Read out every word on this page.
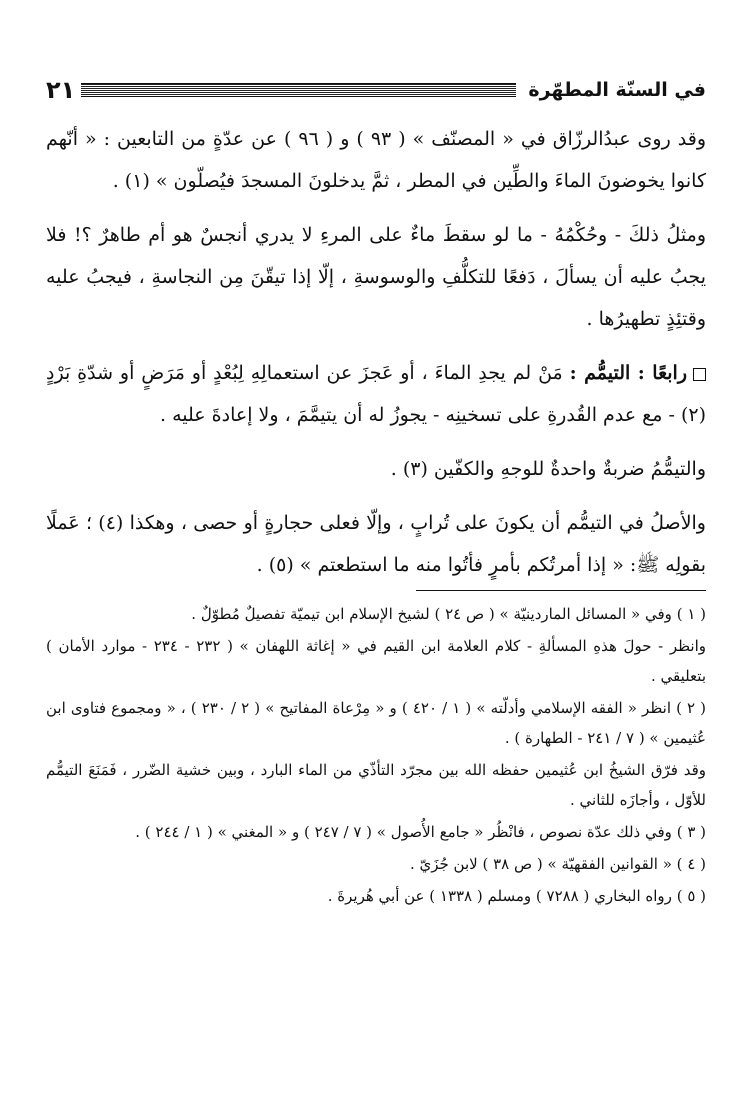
في السنّة المطهّرة
٢١

وقد روى عبدُالرزّاق في « المصنّف » ( ٩٣ ) و ( ٩٦ ) عن عدّةٍ من التابعين : « أنّهم كانوا يخوضونَ الماءَ والطِّين في المطر ، ثمَّ يدخلونَ المسجدَ فيُصلّون » (١) .

ومثلُ ذلكَ - وحُكْمُهُ - ما لو سقطَ ماءٌ على المرءِ لا يدري أنجسٌ هو أم طاهرٌ ؟! فلا يجبُ عليه أن يسألَ ، دَفعًا للتكلُّفِ والوسوسةِ ، إلّا إذا تيقّنَ مِن النجاسةِ ، فيجبُ عليه وقتئِذٍ تطهيرُها .

رابعًا : التيمُّم : مَنْ لم يجدِ الماءَ ، أو عَجزَ عن استعمالِهِ لِبُعْدٍ أو مَرَضٍ أو شدّةِ بَرْدٍ (٢) - مع عدم القُدرةِ على تسخينِه - يجوزُ له أن يتيمَّمَ ، ولا إعادةَ عليه .

والتيمُّمُ ضربةٌ واحدةٌ للوجهِ والكفّين (٣) .

والأصلُ في التيمُّم أن يكونَ على تُرابٍ ، وإلّا فعلى حجارةٍ أو حصى ، وهكذا (٤) ؛ عَملًا بقولِه ﷺ: « إذا أمرتُكم بأمرٍ فأتُوا منه ما استطعتم » (٥) .

( ١ ) وفي « المسائل الماردينيّة » ( ص ٢٤ ) لشيخ الإسلام ابن تيميّة تفصيلٌ مُطوّلٌ .

وانظر - حولَ هذهِ المسألةِ - كلام العلامة ابن القيم في « إغاثة اللهفان » ( ٢٣٢ - ٢٣٤ - موارد الأمان ) بتعليقي .

( ٢ ) انظر « الفقه الإسلامي وأدلّته » ( ١ / ٤٢٠ ) و « مِرْعاة المفاتيح » ( ٢ / ٢٣٠ ) ، « ومجموع فتاوى ابن عُثيمين » ( ٧ / ٢٤١ - الطهارة ) .

وقد فرّق الشيخُ ابن عُثيمين حفظه الله بين مجرّد التأذّي من الماء البارد ، وبين خشية الضّرر ، فَمَنَعَ التيمُّم للأوّل ، وأجازَه للثاني .

( ٣ ) وفي ذلك عدّة نصوص ، فانْظُر « جامع الأُصول » ( ٧ / ٢٤٧ ) و « المغني » ( ١ / ٢٤٤ ) .

( ٤ ) « القوانين الفقهيّة » ( ص ٣٨ ) لابن جُزَيّ .

( ٥ ) رواه البخاري ( ٧٢٨٨ ) ومسلم ( ١٣٣٨ ) عن أبي هُريرةَ .
